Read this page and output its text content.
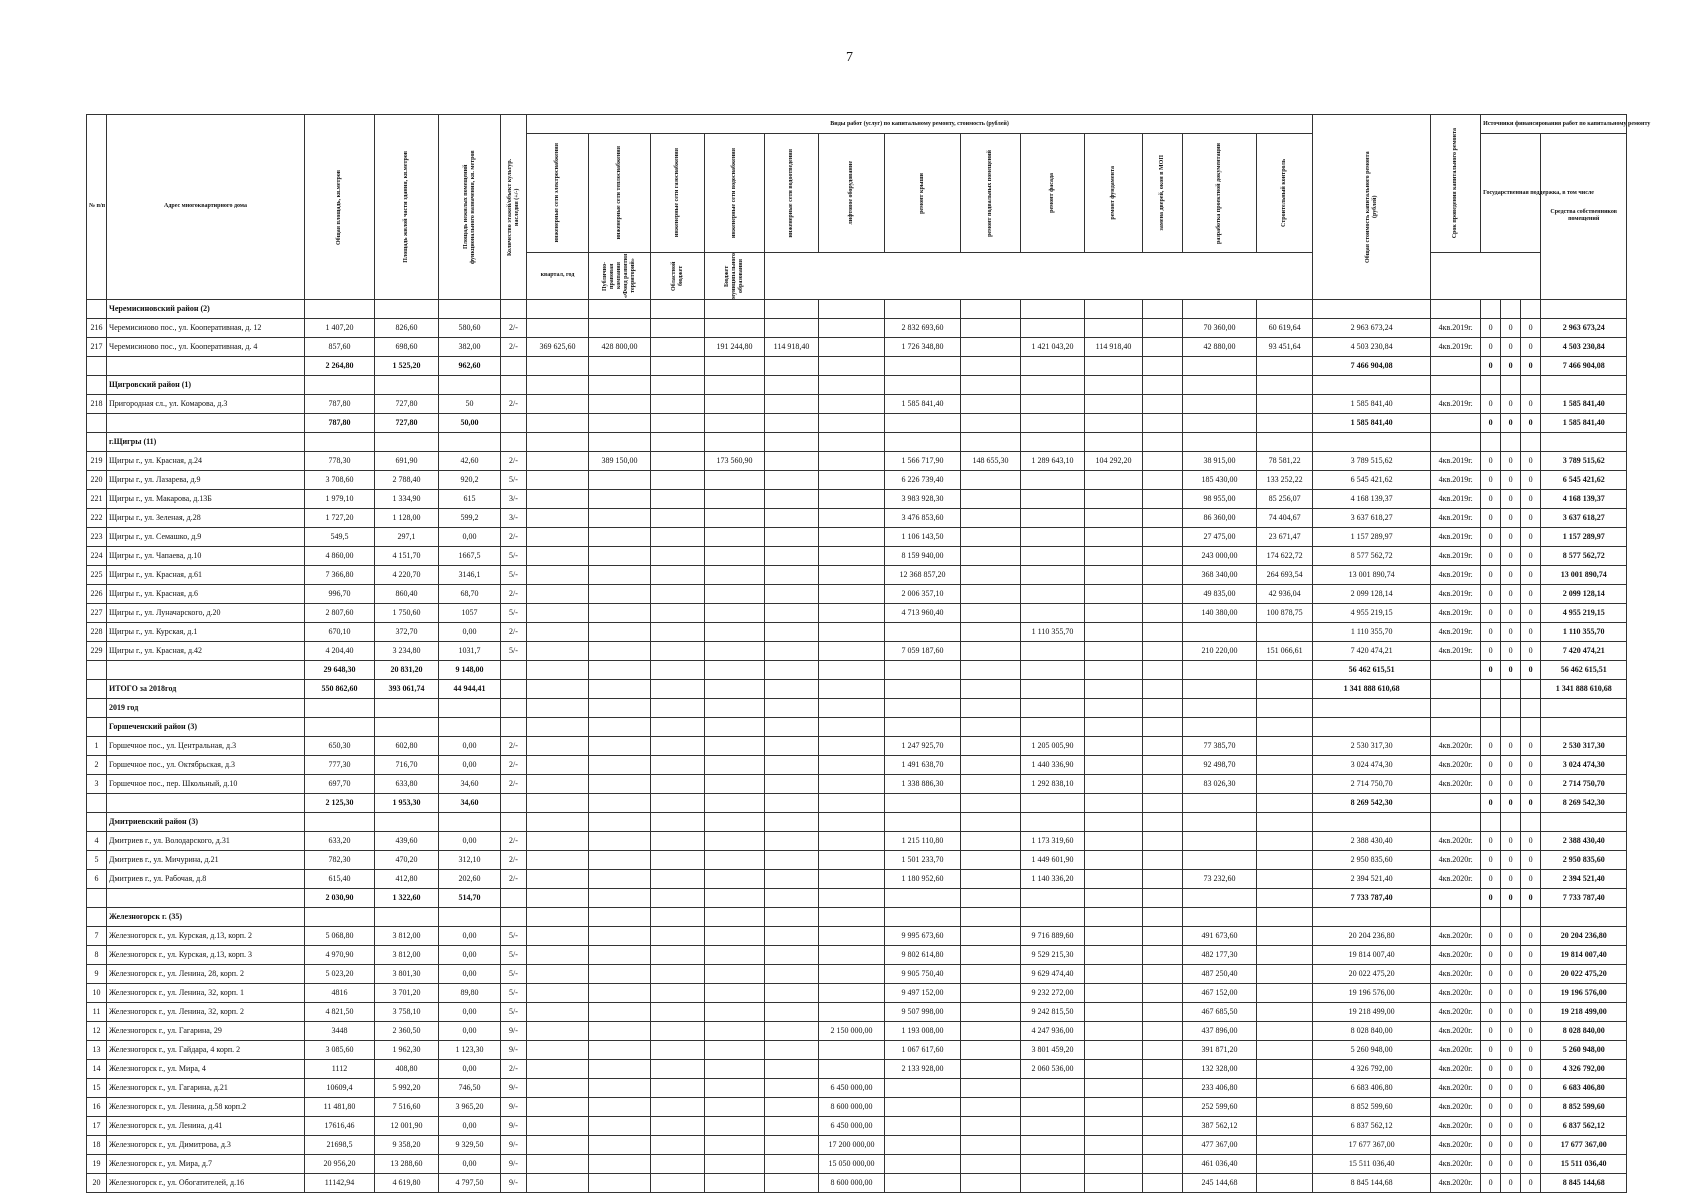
7
№ п/п	Адрес многоквартирного дома	Общая площадь, кв.метров	Площадь жилой части здания, кв.метров	Площадь нежилых помещений функционального назначения, кв. метров	Количество этажей/объект культур. наследия (+/-)	Виды работ (услуг) по капитальному ремонту, стоимость (рублей)													Общая стоимость капитального ремонта (рублей)	Срок проведения капитального ремонта	Источники финансирования работ по капитальному ремонту			

						инженерные сети электроснабжения	инженерные сети теплоснабжения	инженерные сети газоснабжения	инженерные сети водоснабжения	инженерные сети водоотведения	лифтовое оборудование	ремонт крыши	ремонт подвальных помещений	ремонт фасада	ремонт фундамента	замена дверей, окон в МОП	разработка проектной документации	Строительный контроль			Государственная поддержка, в том числе			Средства собственников помещений
						квартал, год	Публично-правовая компания «Фонд развития территорий»	Областной бюджет	Бюджет муниципального образования															

	Черемисиновский район (2)																							
216	Черемисиново пос., ул. Кооперативная, д. 12	1 407,20	826,60	580,60	2/-							2 832 693,60					70 360,00	60 619,64	2 963 673,24	4кв.2019г.	0	0	0	2 963 673,24
217	Черемисиново пос., ул. Кооперативная, д. 4	857,60	698,60	382,00	2/-	369 625,60	428 800,00		191 244,80	114 918,40		1 726 348,80		1 421 043,20	114 918,40		42 880,00	93 451,64	4 503 230,84	4кв.2019г.	0	0	0	4 503 230,84
		2 264,80	1 525,20	962,60															7 466 904,08		0	0	0	7 466 904,08
	Щигровский район (1)																							
218	Пригородная сл., ул. Комарова, д.3	787,80	727,80	50	2/-							1 585 841,40							1 585 841,40	4кв.2019г.	0	0	0	1 585 841,40
		787,80	727,80	50,00															1 585 841,40		0	0	0	1 585 841,40
	г.Щигры (11)																							
219	Щигры г., ул. Красная, д.24	778,30	691,90	42,60	2/-		389 150,00		173 560,90			1 566 717,90	148 655,30	1 289 643,10	104 292,20		38 915,00	78 581,22	3 789 515,62	4кв.2019г.	0	0	0	3 789 515,62
220	Щигры г., ул. Лазарева, д.9	3 708,60	2 788,40	920,2	5/-							6 226 739,40					185 430,00	133 252,22	6 545 421,62	4кв.2019г.	0	0	0	6 545 421,62
221	Щигры г., ул. Макарова, д.13Б	1 979,10	1 334,90	615	3/-							3 983 928,30					98 955,00	85 256,07	4 168 139,37	4кв.2019г.	0	0	0	4 168 139,37
222	Щигры г., ул. Зеленая, д.28	1 727,20	1 128,00	599,2	3/-							3 476 853,60					86 360,00	74 404,67	3 637 618,27	4кв.2019г.	0	0	0	3 637 618,27
223	Щигры г., ул. Семашко, д.9	549,5	297,1	0,00	2/-							1 106 143,50					27 475,00	23 671,47	1 157 289,97	4кв.2019г.	0	0	0	1 157 289,97
224	Щигры г., ул. Чапаева, д.10	4 860,00	4 151,70	1667,5	5/-							8 159 940,00					243 000,00	174 622,72	8 577 562,72	4кв.2019г.	0	0	0	8 577 562,72
225	Щигры г., ул. Красная, д.61	7 366,80	4 220,70	3146,1	5/-							12 368 857,20					368 340,00	264 693,54	13 001 890,74	4кв.2019г.	0	0	0	13 001 890,74
226	Щигры г., ул. Красная, д.6	996,70	860,40	68,70	2/-							2 006 357,10					49 835,00	42 936,04	2 099 128,14	4кв.2019г.	0	0	0	2 099 128,14
227	Щигры г., ул. Луначарского, д.20	2 807,60	1 750,60	1057	5/-							4 713 960,40					140 380,00	100 878,75	4 955 219,15	4кв.2019г.	0	0	0	4 955 219,15
228	Щигры г., ул. Курская, д.1	670,10	372,70	0,00	2/-									1 110 355,70					1 110 355,70	4кв.2019г.	0	0	0	1 110 355,70
229	Щигры г., ул. Красная, д.42	4 204,40	3 234,80	1031,7	5/-							7 059 187,60					210 220,00	151 066,61	7 420 474,21	4кв.2019г.	0	0	0	7 420 474,21
		29 648,30	20 831,20	9 148,00															56 462 615,51		0	0	0	56 462 615,51
	ИТОГО за 2018год	550 862,60	393 061,74	44 944,41															1 341 888 610,68					1 341 888 610,68
	2019 год																							
	Горшеченский район (3)																							
1	Горшечное пос., ул. Центральная, д.3	650,30	602,80	0,00	2/-							1 247 925,70		1 205 005,90			77 385,70		2 530 317,30	4кв.2020г.	0	0	0	2 530 317,30
2	Горшечное пос., ул. Октябрьская, д.3	777,30	716,70	0,00	2/-							1 491 638,70		1 440 336,90			92 498,70		3 024 474,30	4кв.2020г.	0	0	0	3 024 474,30
3	Горшечное пос., пер. Школьный, д.10	697,70	633,80	34,60	2/-							1 338 886,30		1 292 838,10			83 026,30		2 714 750,70	4кв.2020г.	0	0	0	2 714 750,70
		2 125,30	1 953,30	34,60															8 269 542,30		0	0	0	8 269 542,30
	Дмитриевский район (3)																							
4	Дмитриев г., ул. Володарского, д.31	633,20	439,60	0,00	2/-							1 215 110,80		1 173 319,60					2 388 430,40	4кв.2020г.	0	0	0	2 388 430,40
5	Дмитриев г., ул. Мичурина, д.21	782,30	470,20	312,10	2/-							1 501 233,70		1 449 601,90					2 950 835,60	4кв.2020г.	0	0	0	2 950 835,60
6	Дмитриев г., ул. Рабочая, д.8	615,40	412,80	202,60	2/-							1 180 952,60		1 140 336,20			73 232,60		2 394 521,40	4кв.2020г.	0	0	0	2 394 521,40
		2 030,90	1 322,60	514,70															7 733 787,40		0	0	0	7 733 787,40
	Железногорск г. (35)																							
7	Железногорск г., ул. Курская, д.13, корп. 2	5 068,80	3 812,00	0,00	5/-							9 995 673,60		9 716 889,60			491 673,60		20 204 236,80	4кв.2020г.	0	0	0	20 204 236,80
8	Железногорск г., ул. Курская, д.13, корп. 3	4 970,90	3 812,00	0,00	5/-							9 802 614,80		9 529 215,30			482 177,30		19 814 007,40	4кв.2020г.	0	0	0	19 814 007,40
9	Железногорск г., ул. Ленина, 28, корп. 2	5 023,20	3 801,30	0,00	5/-							9 905 750,40		9 629 474,40			487 250,40		20 022 475,20	4кв.2020г.	0	0	0	20 022 475,20
10	Железногорск г., ул. Ленина, 32, корп. 1	4816	3 701,20	89,80	5/-							9 497 152,00		9 232 272,00			467 152,00		19 196 576,00	4кв.2020г.	0	0	0	19 196 576,00
11	Железногорск г., ул. Ленина, 32, корп. 2	4 821,50	3 758,10	0,00	5/-							9 507 998,00		9 242 815,50			467 685,50		19 218 499,00	4кв.2020г.	0	0	0	19 218 499,00
12	Железногорск г., ул. Гагарина, 29	3448	2 360,50	0,00	9/-						2 150 000,00	1 193 008,00		4 247 936,00			437 896,00		8 028 840,00	4кв.2020г.	0	0	0	8 028 840,00
13	Железногорск г., ул. Гайдара, 4 корп. 2	3 085,60	1 962,30	1 123,30	9/-							1 067 617,60		3 801 459,20			391 871,20		5 260 948,00	4кв.2020г.	0	0	0	5 260 948,00
14	Железногорск г., ул. Мира, 4	1112	408,80	0,00	2/-							2 133 928,00		2 060 536,00			132 328,00		4 326 792,00	4кв.2020г.	0	0	0	4 326 792,00
15	Железногорск г., ул. Гагарина, д.21	10609,4	5 992,20	746,50	9/-						6 450 000,00						233 406,80		6 683 406,80	4кв.2020г.	0	0	0	6 683 406,80
16	Железногорск г., ул. Ленина, д.58 корп.2	11 481,80	7 516,60	3 965,20	9/-						8 600 000,00						252 599,60		8 852 599,60	4кв.2020г.	0	0	0	8 852 599,60
17	Железногорск г., ул. Ленина, д.41	17616,46	12 001,90	0,00	9/-						6 450 000,00						387 562,12		6 837 562,12	4кв.2020г.	0	0	0	6 837 562,12
18	Железногорск г., ул. Димитрова, д.3	21698,5	9 358,20	9 329,50	9/-						17 200 000,00						477 367,00		17 677 367,00	4кв.2020г.	0	0	0	17 677 367,00
19	Железногорск г., ул. Мира, д.7	20 956,20	13 288,60	0,00	9/-						15 050 000,00						461 036,40		15 511 036,40	4кв.2020г.	0	0	0	15 511 036,40
20	Железногорск г., ул. Обогатителей, д.16	11142,94	4 619,80	4 797,50	9/-						8 600 000,00						245 144,68		8 845 144,68	4кв.2020г.	0	0	0	8 845 144,68
